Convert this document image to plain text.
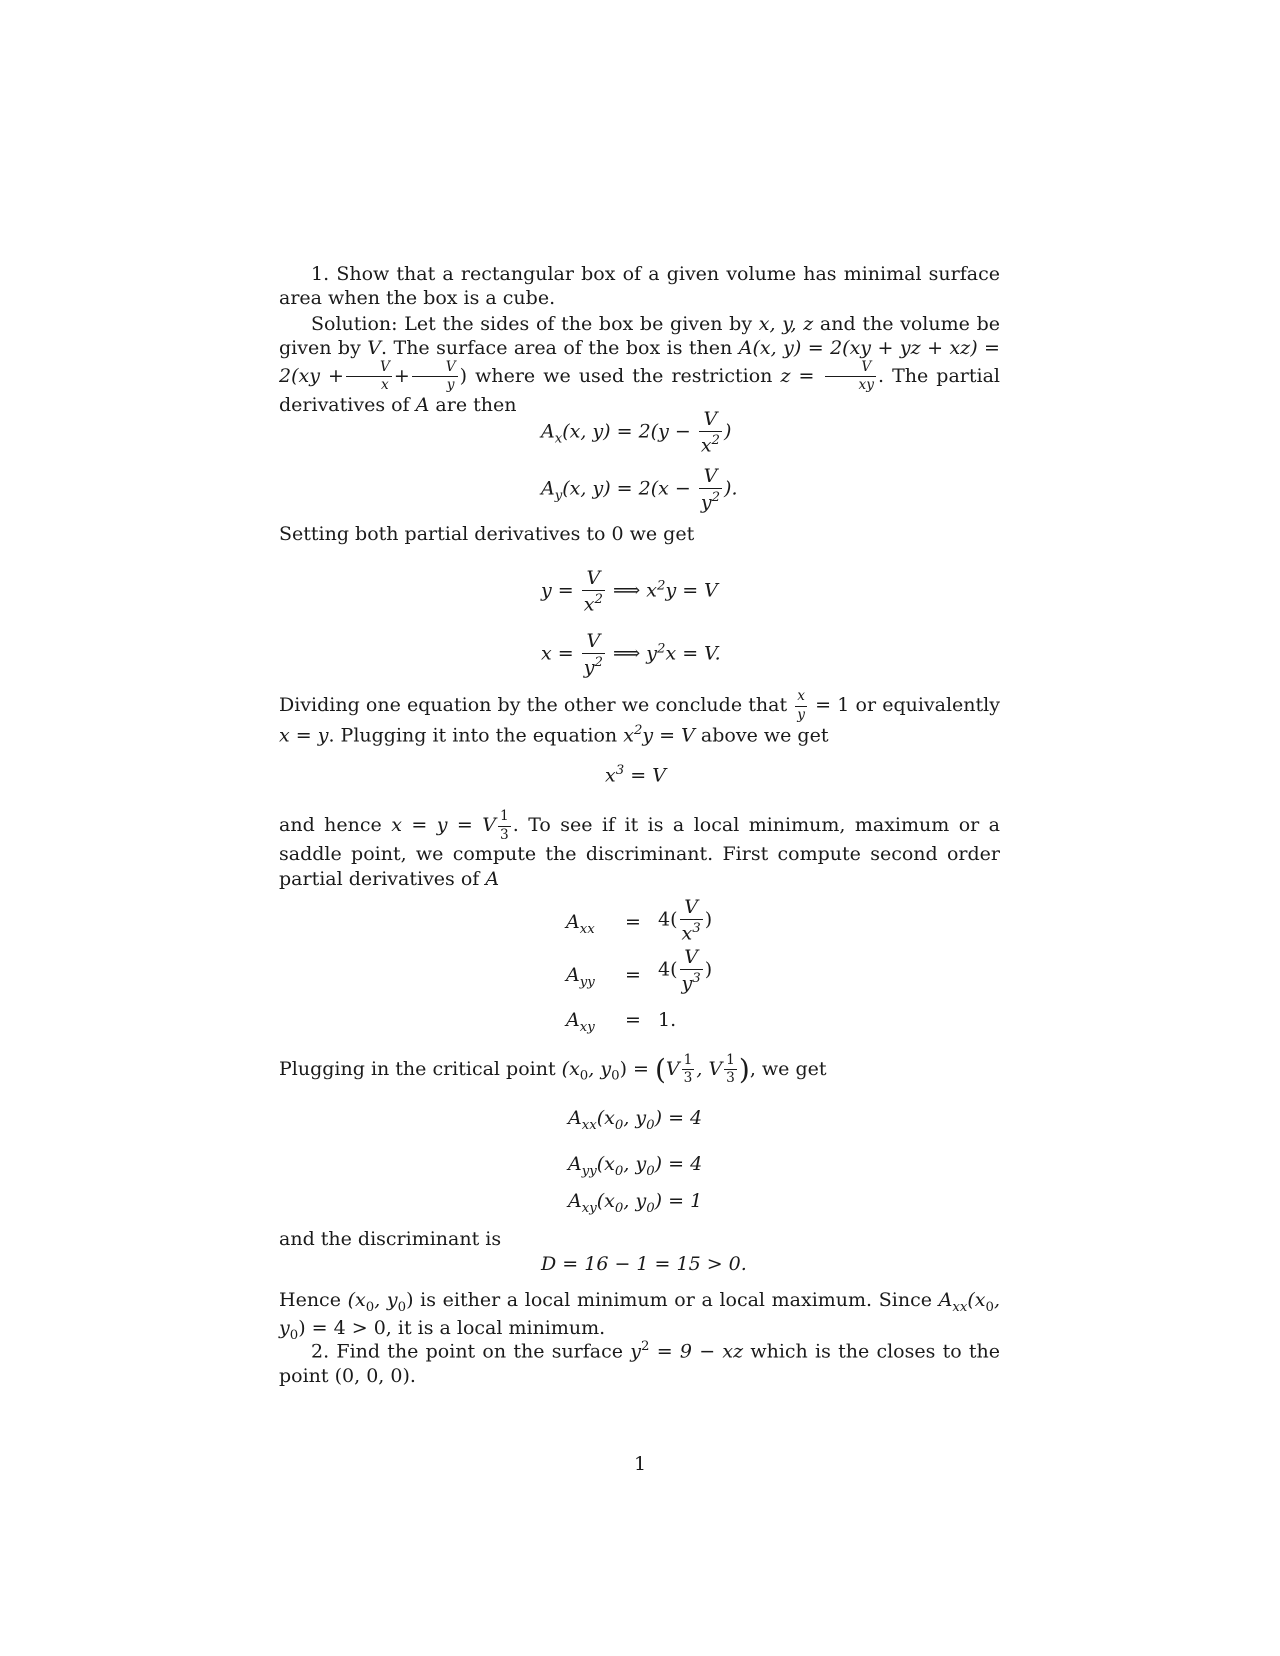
1. Show that a rectangular box of a given volume has minimal surface area when the box is a cube.
Solution: Let the sides of the box be given by x, y, z and the volume be given by V. The surface area of the box is then A(x, y) = 2(xy + yz + $xz) = 2(xy + \frac{V}{x} + \frac{V}{y}$ ) where we used the restriction $z = \frac{V}{xy}$ . The partial derivatives of A are then
$A_x(x$, $y) = 2(y - \frac{V}{x^2}$ )
$A_y(x$, $y) = 2(x - \frac{V}{y^2}$ ).
Setting both partial derivatives to 0 we get
$y = \frac{V}{x^2}$ ⟹ $x^2y = V$
$x = \frac{V}{y^2}$ ⟹ $y^2x = V$.
Dividing one equation by the other we conclude that $\frac{x}{y} = 1$ or equivalently x = y. Plugging it into the equation $x^2y = V$ above we get
$x^3 = V$
and hence x = y = V $\frac{1}{3}$ . To see if it is a local minimum, maximum or a saddle point, we compute the discriminant. First compute second order partial derivatives of A
$A_{xx} = 4( \frac{V}{x^3}$ )
$A_{yy} = 4( \frac{V}{y^3}$ )
$A_{xy} = 1$.
Plugging in the critical point ($x_0$, $y_0) = (V \frac{1}{3}$ , V $\frac{1}{3}$ ), we get
$A_{xx}(x_0$, $y_0) = 4$
$A_{yy}(x_0$, $y_0) = 4$
$A_{xy}(x_0$, $y_0) = 1$
and the discriminant is
D = 16 − 1 = 15 > 0.
Hence ($x_0$, $y_0$) is either a local minimum or a local maximum. Since $A_{xx}(x_0$, $y_0) = 4 > 0$, it is a local minimum.
2. Find the point on the surface $y^2 = 9$ − xz which is the closes to the point (0, 0, 0).
1
